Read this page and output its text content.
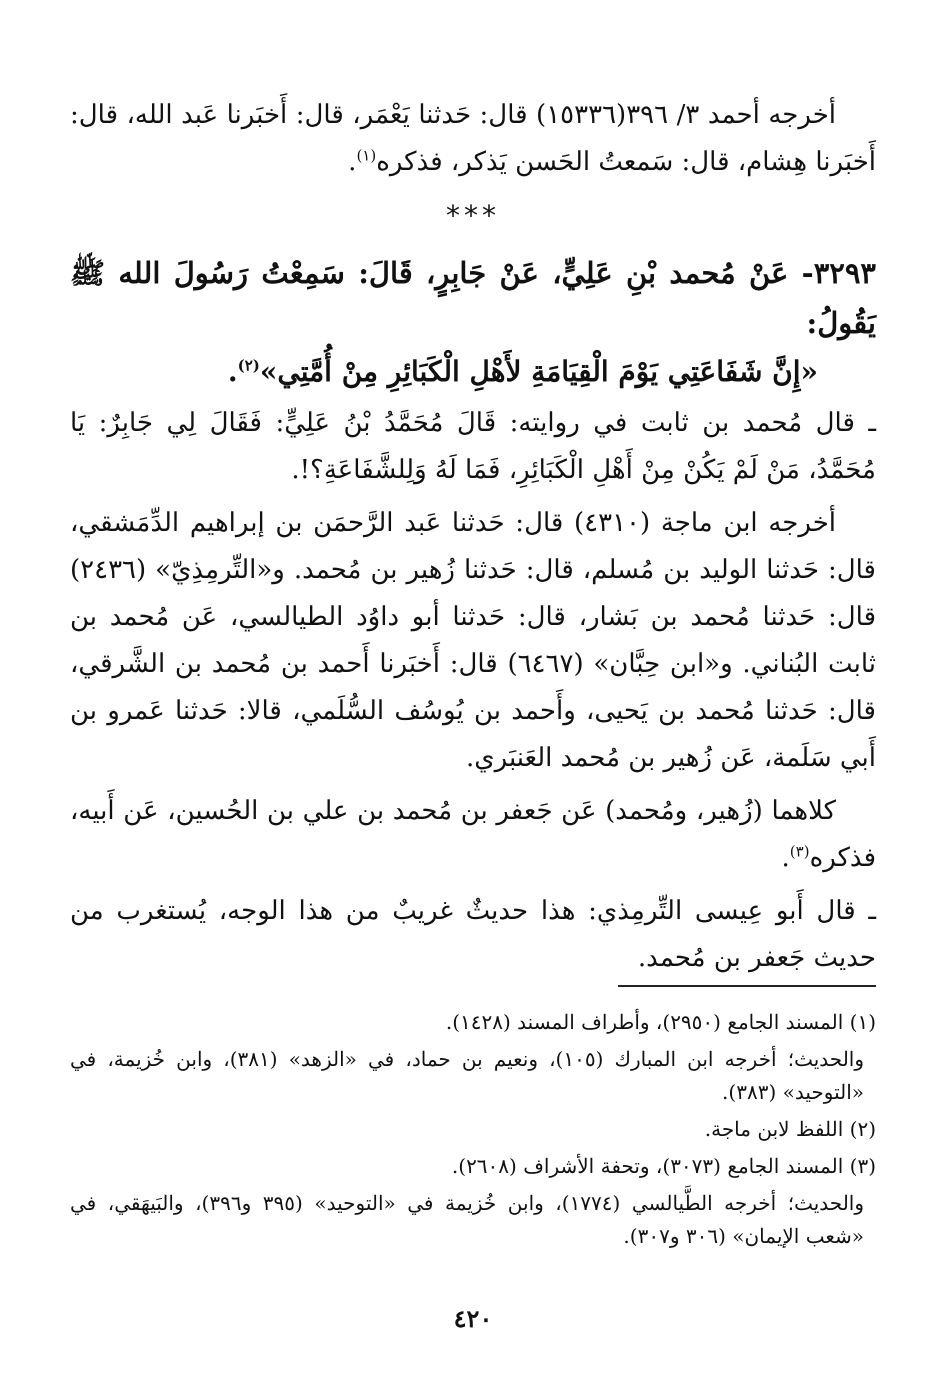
أخرجه أحمد ٣/ ٣٩٦(١٥٣٣٦) قال: حَدثنا يَعْمَر، قال: أَخبَرنا عَبد الله، قال: أَخبَرنا هِشام، قال: سَمعتُ الحَسن يَذكر، فذكره$^{(١)}$.

***

٣٢٩٣- عَنْ مُحمد بْنِ عَلِيٍّ، عَنْ جَابِرٍ، قَالَ: سَمِعْتُ رَسُولَ الله ﷺ يَقُولُ:

«إِنَّ شَفَاعَتِي يَوْمَ الْقِيَامَةِ لأَهْلِ الْكَبَائِرِ مِنْ أُمَّتِي»$^{(٢)}$.

ـ قال مُحمد بن ثابت في روايته: قَالَ مُحَمَّدُ بْنُ عَلِيٍّ: فَقَالَ لِي جَابِرٌ: يَا مُحَمَّدُ، مَنْ لَمْ يَكُنْ مِنْ أَهْلِ الْكَبَائِرِ، فَمَا لَهُ وَلِلشَّفَاعَةِ؟!.

أخرجه ابن ماجة (٤٣١٠) قال: حَدثنا عَبد الرَّحمَن بن إبراهيم الدِّمَشقي، قال: حَدثنا الوليد بن مُسلم، قال: حَدثنا زُهير بن مُحمد. و«التِّرمِذِيّ» (٢٤٣٦) قال: حَدثنا مُحمد بن بَشار، قال: حَدثنا أبو داوُد الطيالسي، عَن مُحمد بن ثابت البُناني. و«ابن حِبَّان» (٦٤٦٧) قال: أَخبَرنا أَحمد بن مُحمد بن الشَّرقي، قال: حَدثنا مُحمد بن يَحيى، وأَحمد بن يُوسُف السُّلَمي، قالا: حَدثنا عَمرو بن أَبي سَلَمة، عَن زُهير بن مُحمد العَنبَري.

كلاهما (زُهير، ومُحمد) عَن جَعفر بن مُحمد بن علي بن الحُسين، عَن أَبيه، فذكره$^{(٣)}$.

ـ قال أَبو عِيسى التِّرمِذي: هذا حديثٌ غريبٌ من هذا الوجه، يُستغرب من حديث جَعفر بن مُحمد.

(١) المسند الجامع (٢٩٥٠)، وأطراف المسند (١٤٢٨).

والحديث؛ أخرجه ابن المبارك (١٠٥)، ونعيم بن حماد، في «الزهد» (٣٨١)، وابن خُزيمة، في «التوحيد» (٣٨٣).

(٢) اللفظ لابن ماجة.

(٣) المسند الجامع (٣٠٧٣)، وتحفة الأشراف (٢٦٠٨).

والحديث؛ أخرجه الطَّيالسي (١٧٧٤)، وابن خُزيمة في «التوحيد» (٣٩٥ و٣٩٦)، والبَيهَقي، في «شعب الإيمان» (٣٠٦ و٣٠٧).

٤٢٠
